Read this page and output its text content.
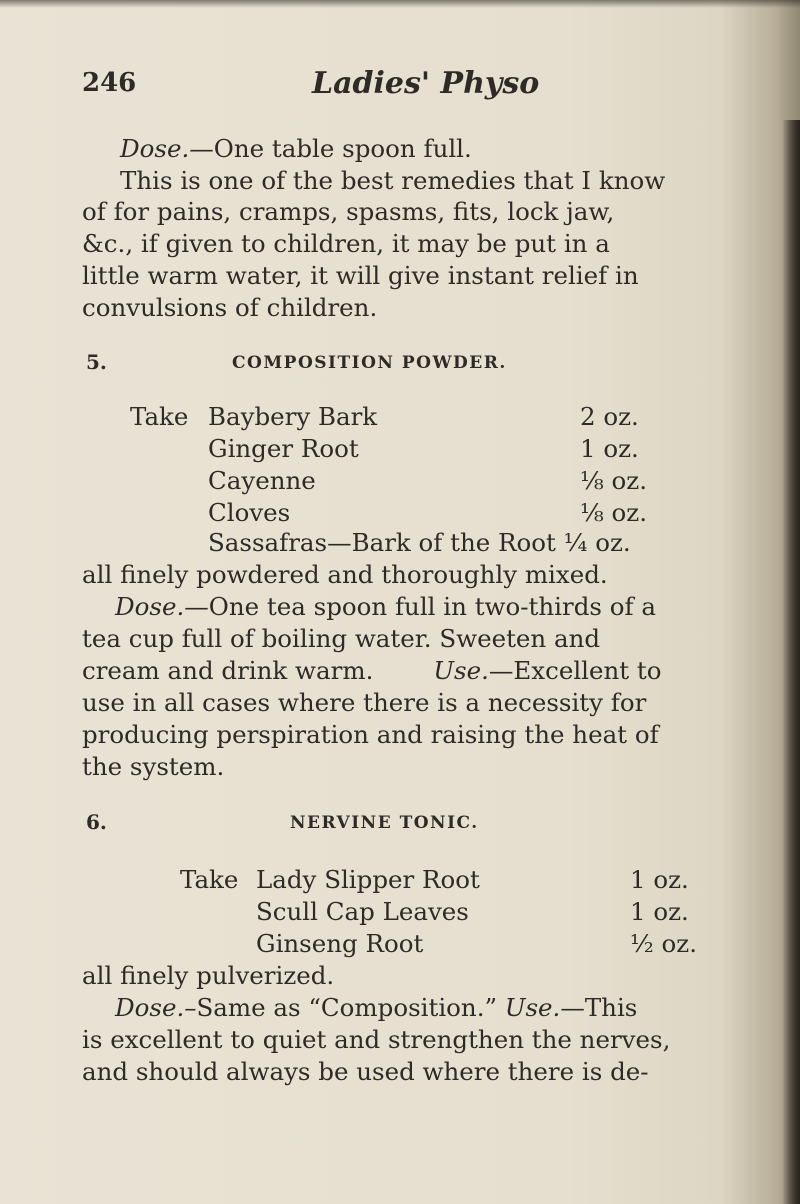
246	Ladies' Physo
Dose.—One table spoon full.
This is one of the best remedies that I know
of for pains, cramps, spasms, fits, lock jaw,
&c., if given to children, it may be put in a
little warm water, it will give instant relief in
convulsions of children.
5.	COMPOSITION POWDER.
Take Baybery Bark	2 oz.
Ginger Root	1 oz.
Cayenne	⅛ oz.
Cloves	⅛ oz.
Sassafras—Bark of the Root ¼ oz.
all finely powdered and thoroughly mixed.
Dose.—One tea spoon full in two-thirds of a
tea cup full of boiling water. Sweeten and
cream and drink warm. Use.—Excellent to
use in all cases where there is a necessity for
producing perspiration and raising the heat of
the system.
6.	NERVINE TONIC.
Take Lady Slipper Root	1 oz.
Scull Cap Leaves	1 oz.
Ginseng Root	½ oz.
all finely pulverized.
Dose.–Same as “Composition.” Use.—This
is excellent to quiet and strengthen the nerves,
and should always be used where there is de-
